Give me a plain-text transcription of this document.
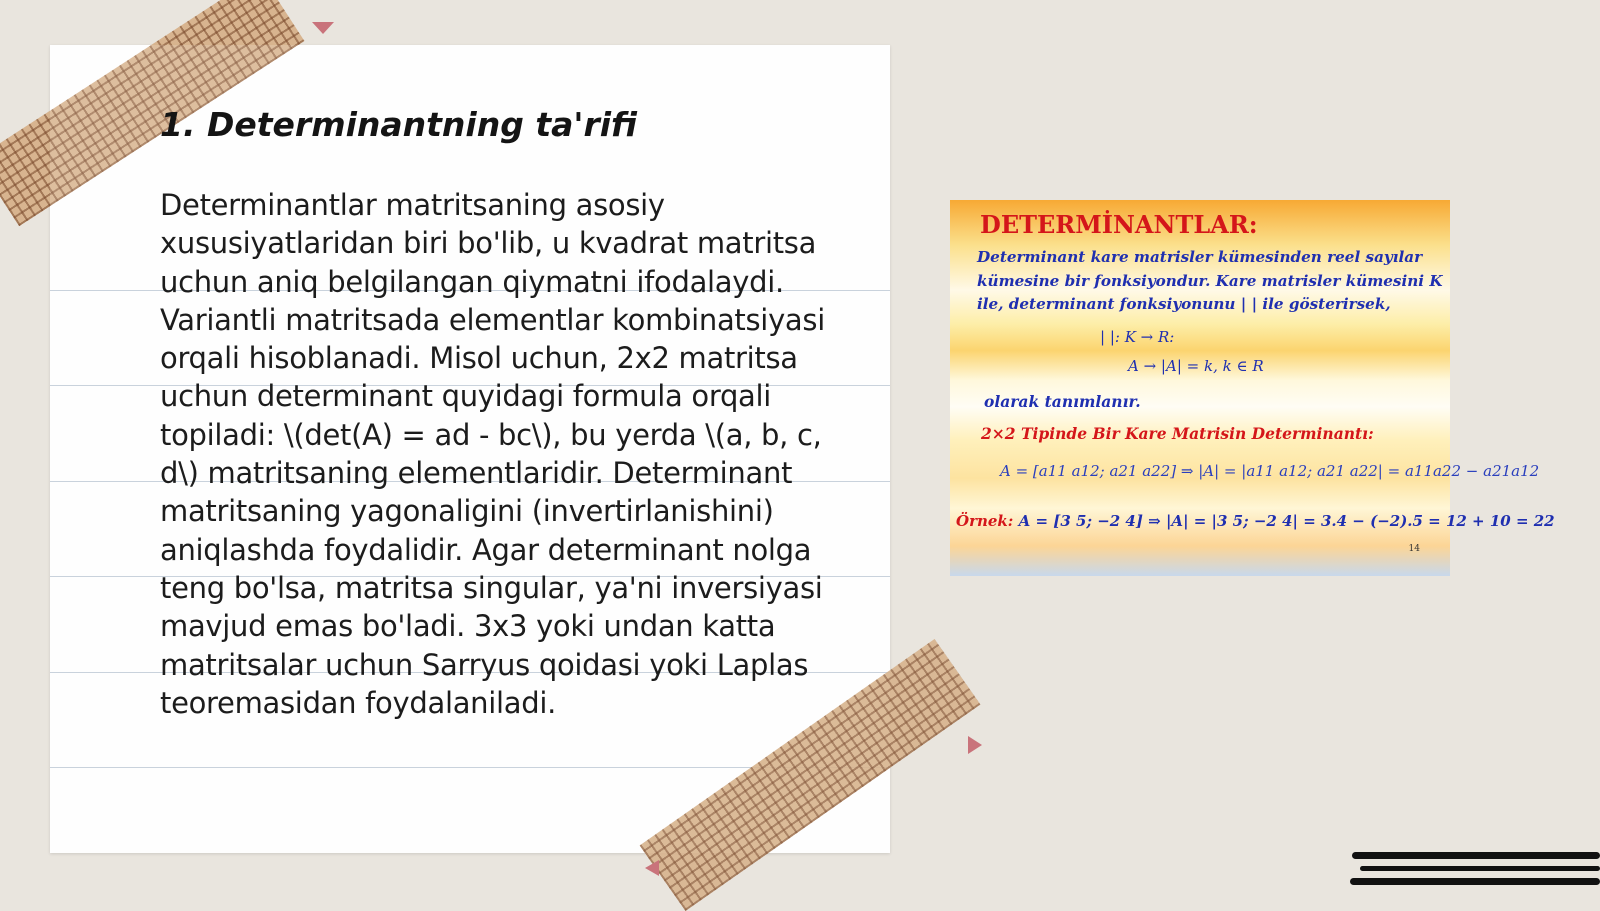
1. Determinantning ta'rifi

Determinantlar matritsaning asosiy xususiyatlaridan biri bo'lib, u kvadrat matritsa uchun aniq belgilangan qiymatni ifodalaydi. Variantli matritsada elementlar kombinatsiyasi orqali hisoblanadi. Misol uchun, 2x2 matritsa uchun determinant quyidagi formula orqali topiladi: \(det(A) = ad - bc\), bu yerda \(a, b, c, d\) matritsaning elementlaridir. Determinant matritsaning yagonaligini (invertirlanishini) aniqlashda foydalidir. Agar determinant nolga teng bo'lsa, matritsa singular, ya'ni inversiyasi mavjud emas bo'ladi. 3x3 yoki undan katta matritsalar uchun Sarryus qoidasi yoki Laplas teoremasidan foydalaniladi.

DETERMİNANTLAR:
Determinant kare matrisler kümesinden reel sayılar kümesine bir fonksiyondur. Kare matrisler kümesini K ile, determinant fonksiyonunu | | ile gösterirsek,
| |: K → R:
A → |A| = k, k ∈ R
olarak tanımlanır.
2×2 Tipinde Bir Kare Matrisin Determinantı:
A = [a11 a12; a21 a22] ⇒ |A| = |a11 a12; a21 a22| = a11a22 − a21a12
Örnek: A = [3 5; −2 4] ⇒ |A| = |3 5; −2 4| = 3.4 − (−2).5 = 12 + 10 = 22
14
